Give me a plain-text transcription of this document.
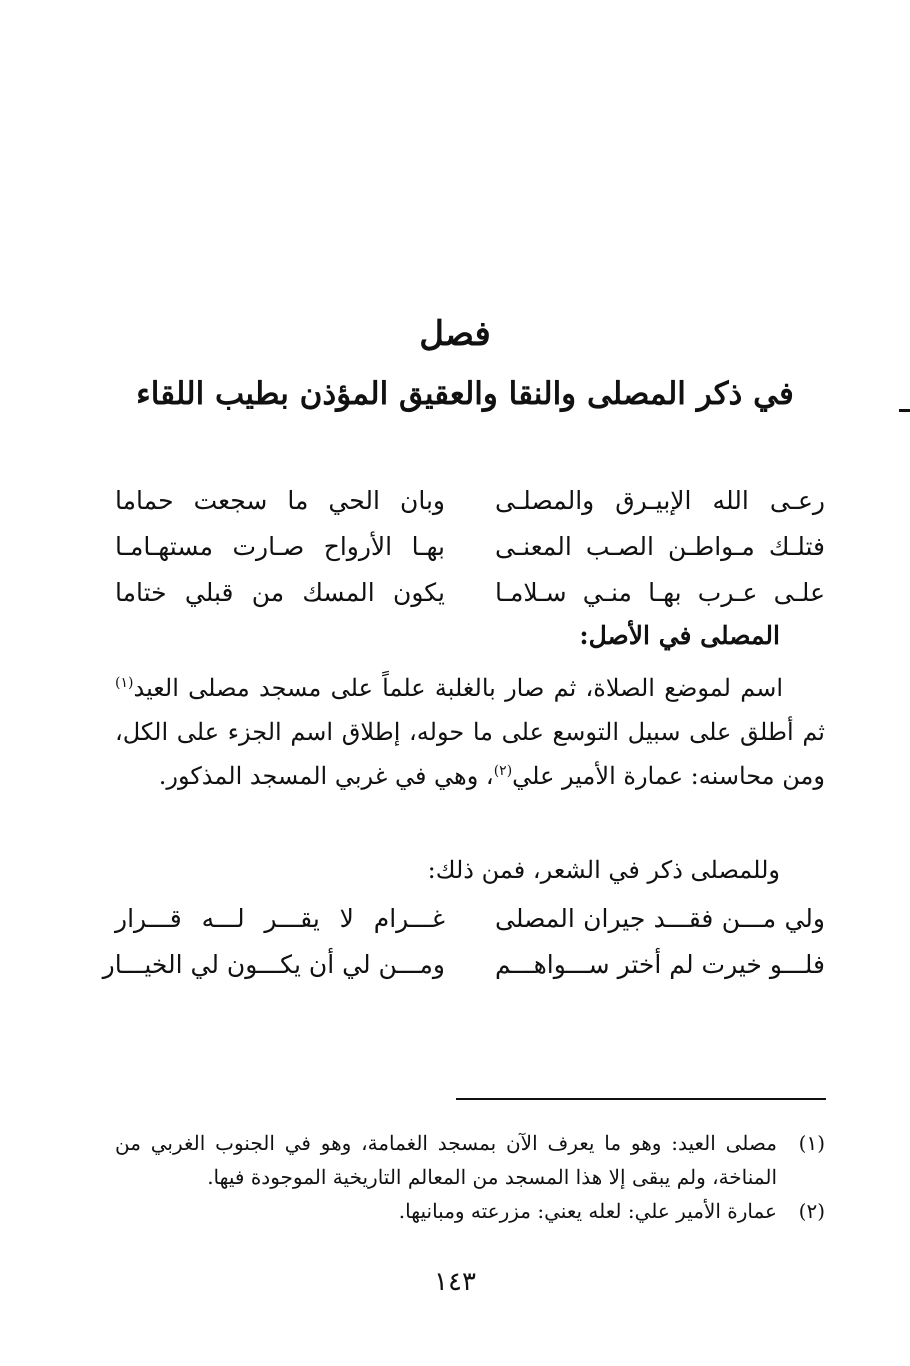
فصل
في ذكر المصلى والنقا والعقيق المؤذن بطيب اللقاء
رعـى الله الإبيـرق والمصلـى
وبان الحي ما سجعت حماما
فتلـك مـواطـن الصـب المعنـى
بهـا الأرواح صـارت مستهـامـا
علـى عـرب بهـا منـي سـلامـا
يكون المسك من قبلي ختاما
المصلى في الأصل:

اسم لموضع الصلاة، ثم صار بالغلبة علماً على مسجد مصلى العيد$^{(١)}$ ثم أطلق على سبيل التوسع على ما حوله، إطلاق اسم الجزء على الكل، ومن محاسنه: عمارة الأمير علي$^{(٢)}$، وهي في غربي المسجد المذكور.

وللمصلى ذكر في الشعر، فمن ذلك:

ولي مـــن فقـــد جيران المصلى
غـــرام لا يقـــر لـــه قـــرار
فلـــو خيرت لم أختر ســـواهـــم
ومـــن لي أن يكـــون لي الخيـــار
(١)
مصلى العيد: وهو ما يعرف الآن بمسجد الغمامة، وهو في الجنوب الغربي من المناخة، ولم يبقى إلا هذا المسجد من المعالم التاريخية الموجودة فيها.
(٢)
عمارة الأمير علي: لعله يعني: مزرعته ومبانيها.

١٤٣
